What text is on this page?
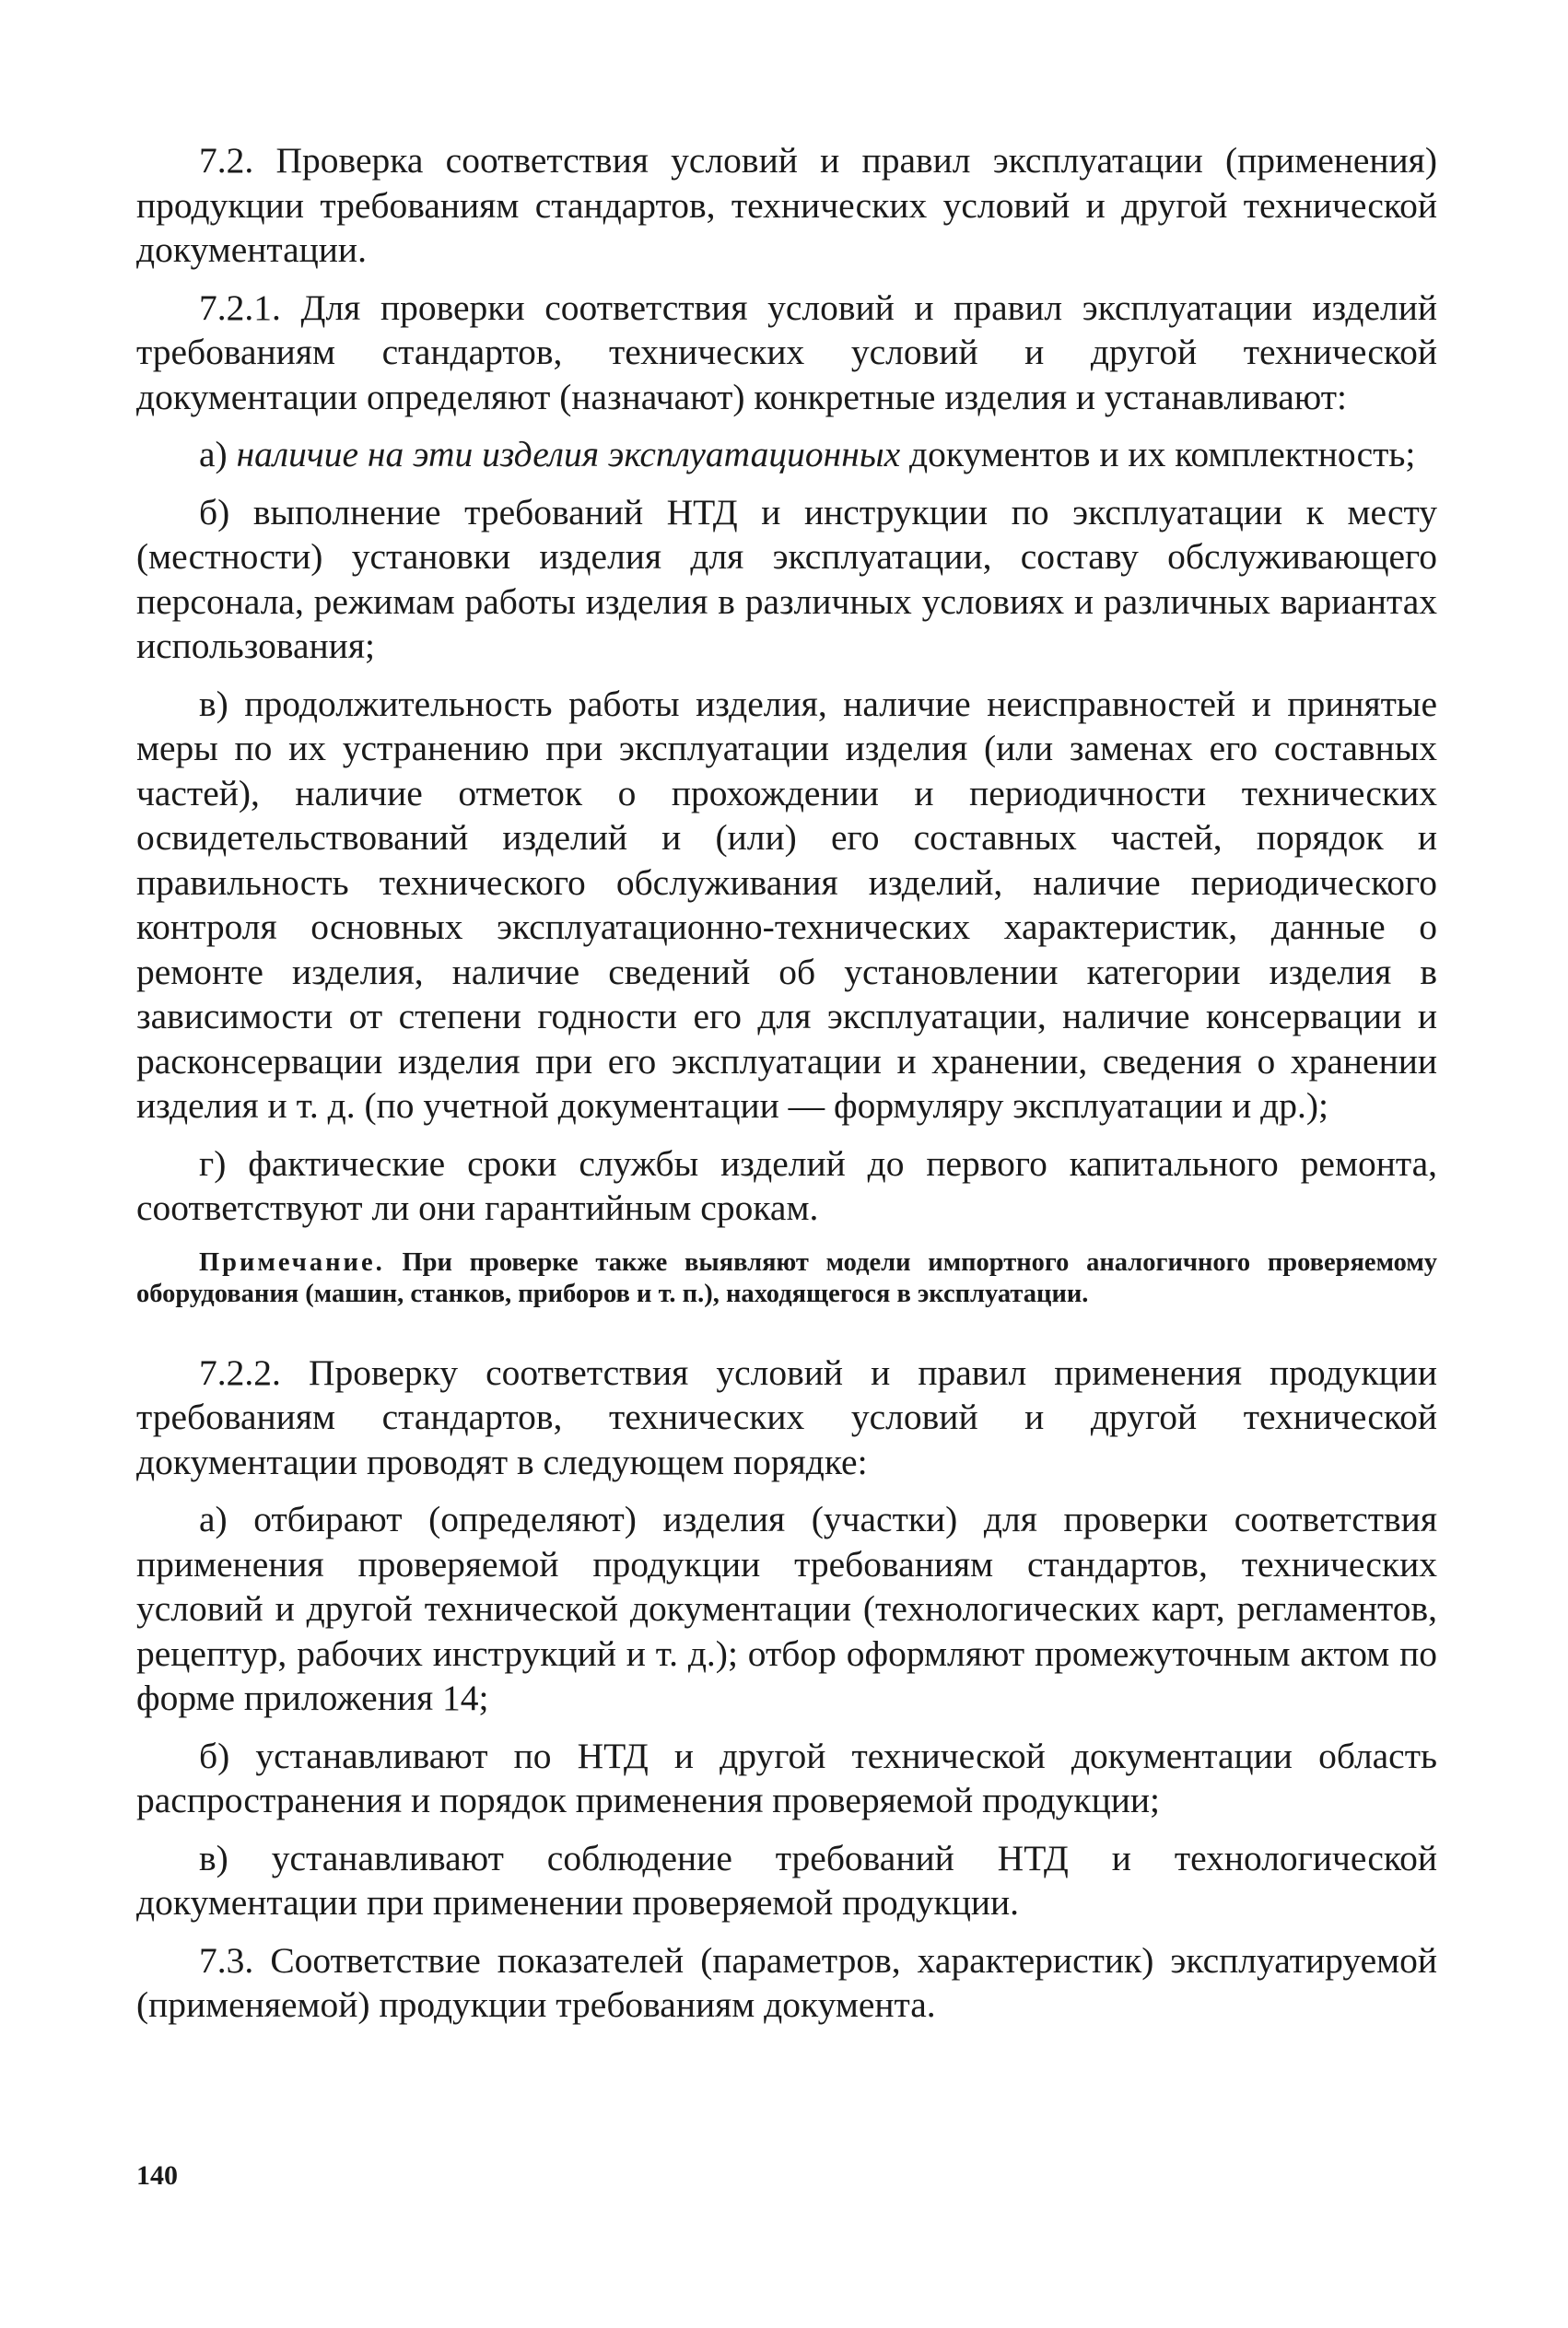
7.2. Проверка соответствия условий и правил эксплуатации (применения) продукции требованиям стандартов, технических условий и другой технической документации.

7.2.1. Для проверки соответствия условий и правил эксплуатации изделий требованиям стандартов, технических условий и другой технической документации определяют (назначают) конкретные изделия и устанавливают:

а) наличие на эти изделия эксплуатационных документов и их комплектность;

б) выполнение требований НТД и инструкции по эксплуатации к месту (местности) установки изделия для эксплуатации, составу обслуживающего персонала, режимам работы изделия в различных условиях и различных вариантах использования;

в) продолжительность работы изделия, наличие неисправностей и принятые меры по их устранению при эксплуатации изделия (или заменах его составных частей), наличие отметок о прохождении и периодичности технических освидетельствований изделий и (или) его составных частей, порядок и правильность технического обслуживания изделий, наличие периодического контроля основных эксплуатационно-технических характеристик, данные о ремонте изделия, наличие сведений об установлении категории изделия в зависимости от степени годности его для эксплуатации, наличие консервации и расконсервации изделия при его эксплуатации и хранении, сведения о хранении изделия и т. д. (по учетной документации — формуляру эксплуатации и др.);

г) фактические сроки службы изделий до первого капитального ремонта, соответствуют ли они гарантийным срокам.

Примечание. При проверке также выявляют модели импортного аналогичного проверяемому оборудования (машин, станков, приборов и т. п.), находящегося в эксплуатации.

7.2.2. Проверку соответствия условий и правил применения продукции требованиям стандартов, технических условий и другой технической документации проводят в следующем порядке:

а) отбирают (определяют) изделия (участки) для проверки соответствия применения проверяемой продукции требованиям стандартов, технических условий и другой технической документации (технологических карт, регламентов, рецептур, рабочих инструкций и т. д.); отбор оформляют промежуточным актом по форме приложения 14;

б) устанавливают по НТД и другой технической документации область распространения и порядок применения проверяемой продукции;

в) устанавливают соблюдение требований НТД и технологической документации при применении проверяемой продукции.

7.3. Соответствие показателей (параметров, характеристик) эксплуатируемой (применяемой) продукции требованиям документа.

140
